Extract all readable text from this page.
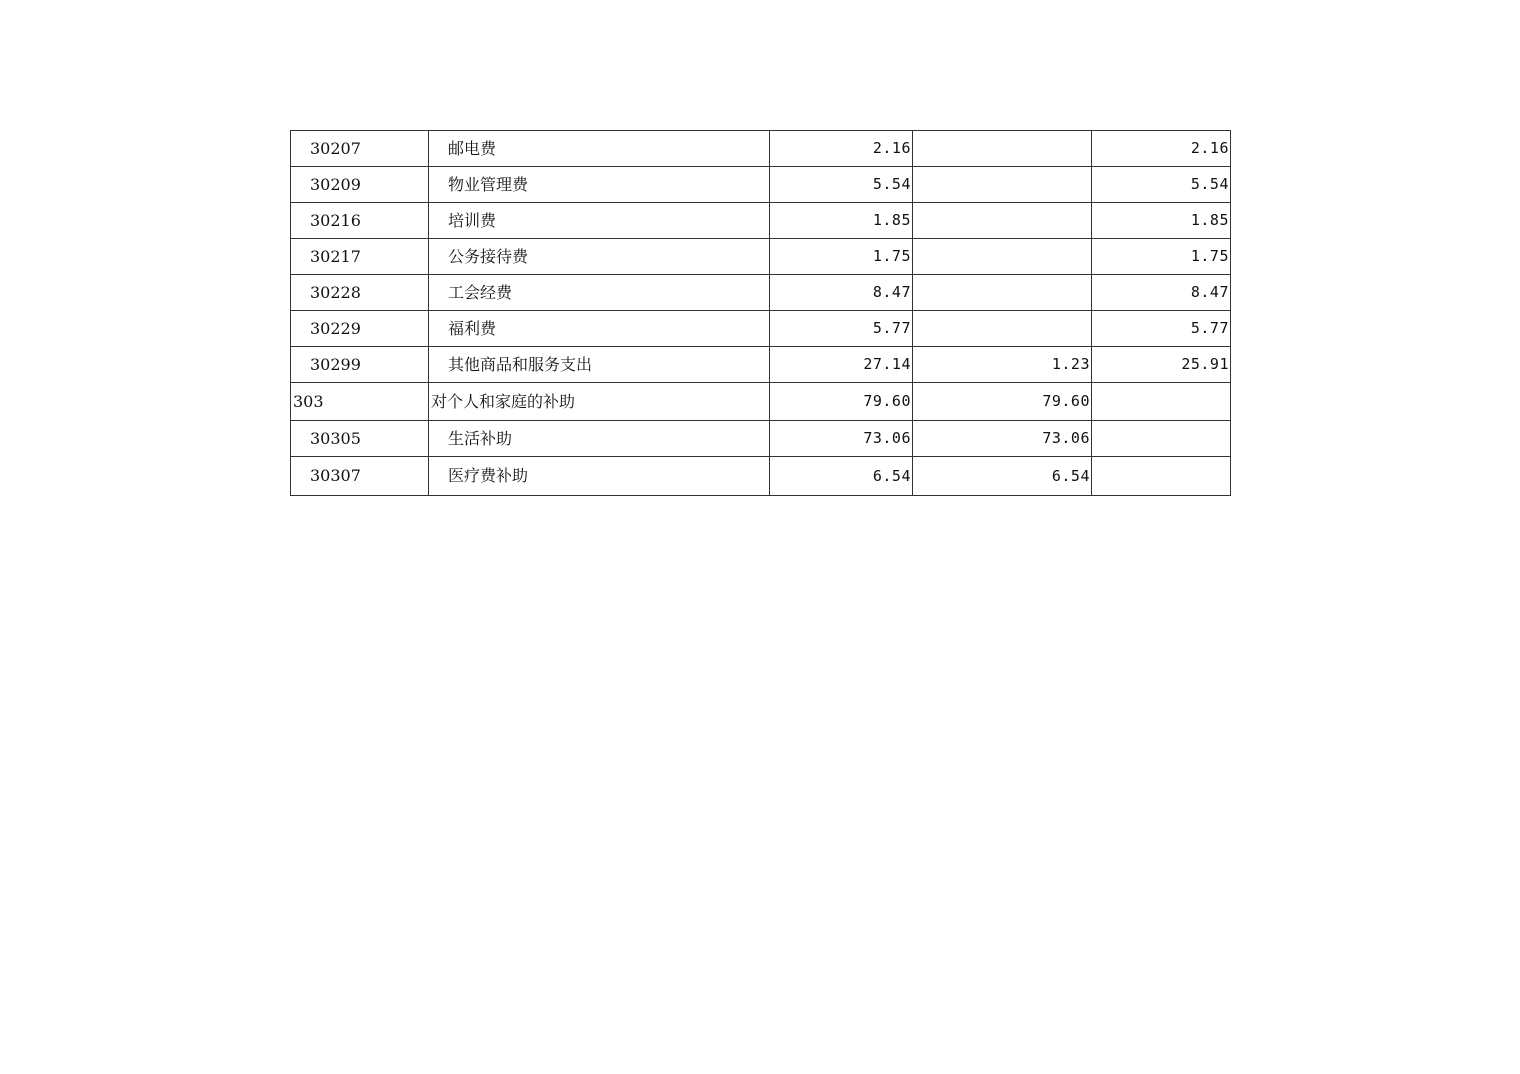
30207	邮电费	2.16		2.16
30209	物业管理费	5.54		5.54
30216	培训费	1.85		1.85
30217	公务接待费	1.75		1.75
30228	工会经费	8.47		8.47
30229	福利费	5.77		5.77
30299	其他商品和服务支出	27.14	1.23	25.91
303	对个人和家庭的补助	79.60	79.60	
30305	生活补助	73.06	73.06	
30307	医疗费补助	6.54	6.54	
